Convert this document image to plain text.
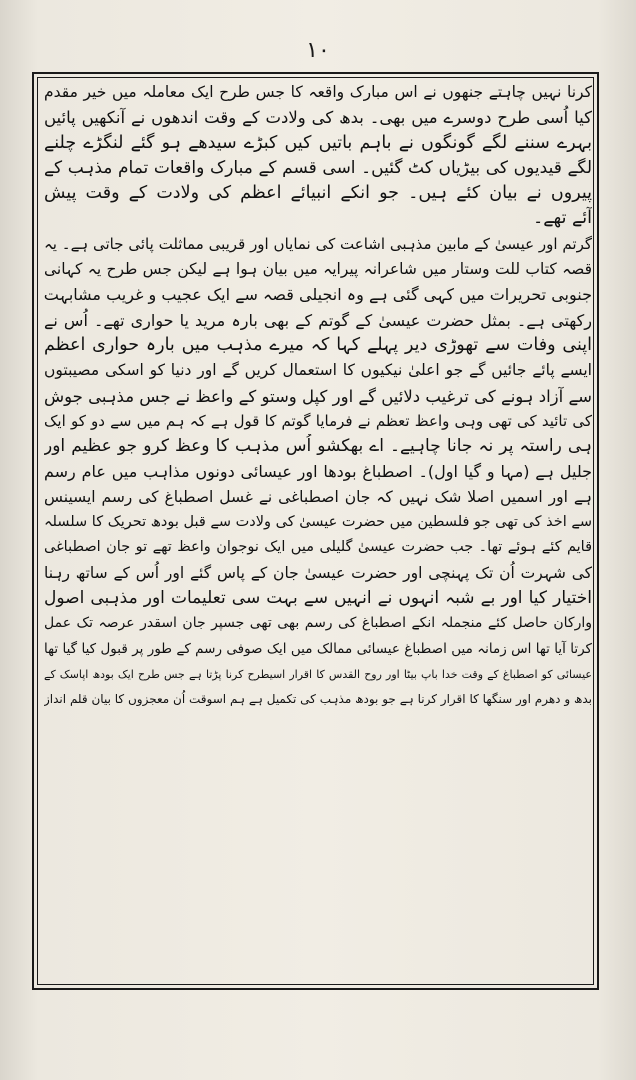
۱۰
کرنا نہیں چاہتے جنھوں نے اس مبارک واقعہ کا جس طرح ایک معاملہ میں خیر مقدم
کیا اُسی طرح دوسرے میں بھی۔ بدھ کی ولادت کے وقت اندھوں نے آنکھیں پائیں
بہرے سننے لگے گونگوں نے باہم باتیں کیں کبڑے سیدھے ہو گئے لنگڑے چلنے
لگے قیدیوں کی بیڑیاں کٹ گئیں۔ اسی قسم کے مبارک واقعات تمام مذہب کے
پیروں نے بیان کئے ہیں۔ جو انکے انبیائے اعظم کی ولادت کے وقت پیش
آئے تھے۔
گرتم اور عیسیٰ کے مابین مذہبی اشاعت کی نمایاں اور قریبی مماثلت پائی جاتی ہے۔ یہ
قصہ کتاب للت وستار میں شاعرانہ پیرایہ میں بیان ہوا ہے لیکن جس طرح یہ کہانی
جنوبی تحریرات میں کہی گئی ہے وہ انجیلی قصہ سے ایک عجیب و غریب مشابہت
رکھتی ہے۔ بمثل حضرت عیسیٰ کے گوتم کے بھی بارہ مرید یا حواری تھے۔ اُس نے
اپنی وفات سے تھوڑی دیر پہلے کہا کہ میرے مذہب میں بارہ حواری اعظم
ایسے پائے جائیں گے جو اعلیٰ نیکیوں کا استعمال کریں گے اور دنیا کو اسکی مصیبتوں
سے آزاد ہونے کی ترغیب دلائیں گے اور کپل وستو کے واعظ نے جس مذہبی جوش
کی تائید کی تھی وہی واعظ تعظم نے فرمایا گوتم کا قول ہے کہ ہم میں سے دو کو ایک
ہی راستہ پر نہ جانا چاہیے۔ اے بھکشو اُس مذہب کا وعظ کرو جو عظیم اور
جلیل ہے (مہا و گیا اول)۔ اصطباغ بودھا اور عیسائی دونوں مذاہب میں عام رسم
ہے اور اسمیں اصلا شک نہیں کہ جان اصطباغی نے غسل اصطباغ کی رسم ایسینس
سے اخذ کی تھی جو فلسطین میں حضرت عیسیٰ کی ولادت سے قبل بودھ تحریک کا سلسلہ
قایم کئے ہوئے تھا۔ جب حضرت عیسیٰ گلیلی میں ایک نوجوان واعظ تھے تو جان اصطباغی
کی شہرت اُن تک پہنچی اور حضرت عیسیٰ جان کے پاس گئے اور اُس کے ساتھ رہنا
اختیار کیا اور بے شبہ انہوں نے انہیں سے بہت سی تعلیمات اور مذہبی اصول
وارکان حاصل کئے منجملہ انکے اصطباغ کی رسم بھی تھی جسپر جان اسقدر عرصہ تک عمل
کرتا آیا تھا اس زمانہ میں اصطباغ عیسائی ممالک میں ایک صوفی رسم کے طور پر قبول کیا گیا تھا
عیسائی کو اصطباغ کے وقت خدا باپ بیٹا اور روح القدس کا اقرار اسیطرح کرنا پڑتا ہے جس طرح ایک بودھ اپاسک کے
بدھ و دھرم اور سنگھا کا اقرار کرنا ہے جو بودھ مذہب کی تکمیل ہے ہم اسوقت اُن معجزوں کا بیان قلم انداز
